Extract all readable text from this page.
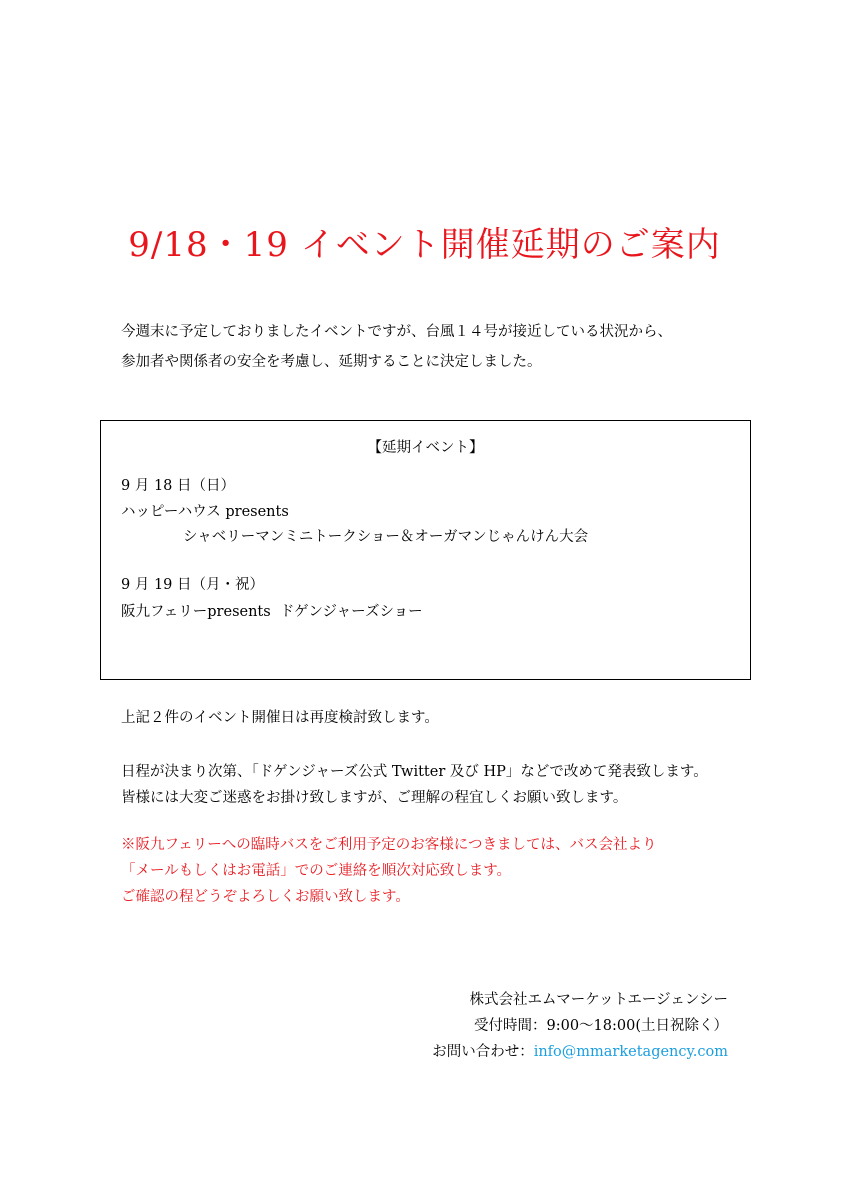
9/18・19 イベント開催延期のご案内
今週末に予定しておりましたイベントですが、台風１４号が接近している状況から、
参加者や関係者の安全を考慮し、延期することに決定しました。
【延期イベント】
9 月 18 日（日）
ハッピーハウス presents
シャベリーマンミニトークショー＆オーガマンじゃんけん大会
9 月 19 日（月・祝）
阪九フェリーpresents  ドゲンジャーズショー
上記２件のイベント開催日は再度検討致します。
日程が決まり次第、「ドゲンジャーズ公式 Twitter 及び HP」などで改めて発表致します。
皆様には大変ご迷惑をお掛け致しますが、ご理解の程宜しくお願い致します。
※阪九フェリーへの臨時バスをご利用予定のお客様につきましては、バス会社より
「メールもしくはお電話」でのご連絡を順次対応致します。
ご確認の程どうぞよろしくお願い致します。
株式会社エムマーケットエージェンシー
受付時間：9:00～18:00(土日祝除く）
お問い合わせ：info@mmarketagency.com
